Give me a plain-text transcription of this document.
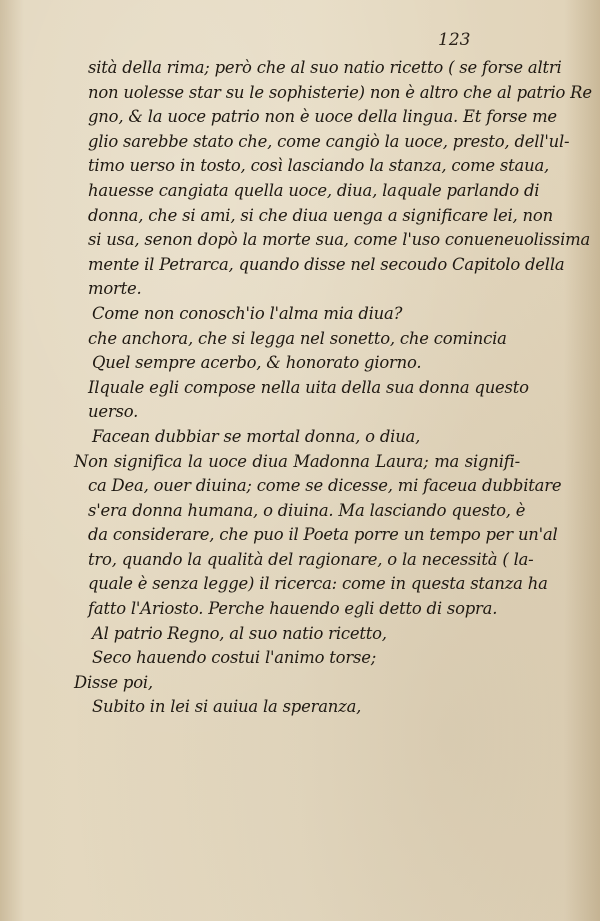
123
sità della rima; però che al suo natio ricetto ( se forse altri
non uolesse star su le sophisterie) non è altro che al patrio Re
gno, & la uoce patrio non è uoce della lingua. Et forse me
glio sarebbe stato che, come cangiò la uoce, presto, dell'ul-
timo uerso in tosto, così lasciando la stanza, come staua,
hauesse cangiata quella uoce, diua, laquale parlando di
donna, che si ami, si che diua uenga a significare lei, non
si usa, senon dopò la morte sua, come l'uso conueneuolissima
mente il Petrarca, quando disse nel secoudo Capitolo della
morte.
Come non conosch'io l'alma mia diua?
che anchora, che si legga nel sonetto, che comincia
Quel sempre acerbo, & honorato giorno.
Ilquale egli compose nella uita della sua donna questo
uerso.
Facean dubbiar se mortal donna, o diua,
Non significa la uoce diua Madonna Laura; ma signifi-
ca Dea, ouer diuina; come se dicesse, mi faceua dubbitare
s'era donna humana, o diuina. Ma lasciando questo, è
da considerare, che puo il Poeta porre un tempo per un'al
tro, quando la qualità del ragionare, o la necessità ( la-
quale è senza legge) il ricerca: come in questa stanza ha
fatto l'Ariosto. Perche hauendo egli detto di sopra.
Al patrio Regno, al suo natio ricetto,
Seco hauendo costui l'animo torse;
Disse poi,
Subito in lei si auiua la speranza,
